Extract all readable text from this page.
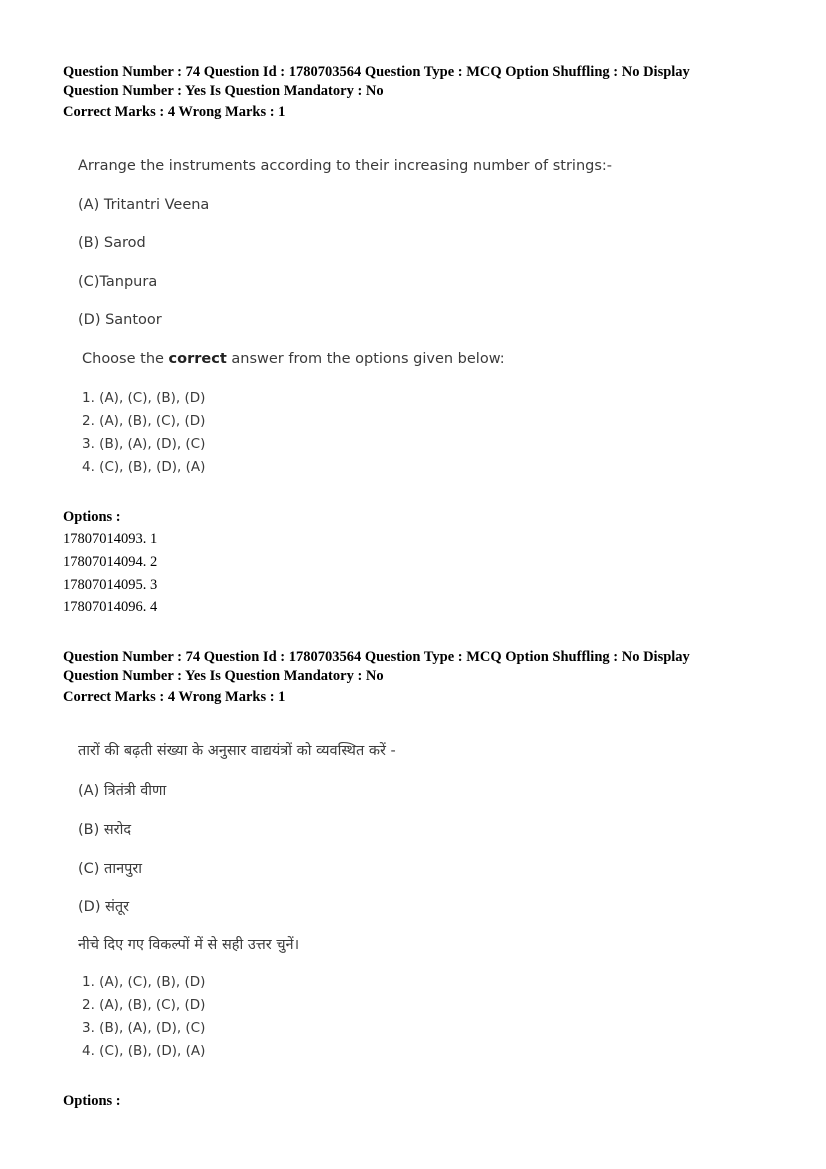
Question Number : 74 Question Id : 1780703564 Question Type : MCQ Option Shuffling : No Display

Question Number : Yes Is Question Mandatory : No

Correct Marks : 4 Wrong Marks : 1

Arrange the instruments according to their increasing number of strings:-
(A) Tritantri Veena
(B) Sarod
(C)Tanpura
(D) Santoor
Choose the correct answer from the options given below:
1. (A), (C), (B), (D)
2. (A), (B), (C), (D)
3. (B), (A), (D), (C)
4. (C), (B), (D), (A)
Options :
17807014093. 1
17807014094. 2
17807014095. 3
17807014096. 4

Question Number : 74 Question Id : 1780703564 Question Type : MCQ Option Shuffling : No Display

Question Number : Yes Is Question Mandatory : No

Correct Marks : 4 Wrong Marks : 1

तारों की बढ़ती संख्या के अनुसार वाद्ययंत्रों को व्यवस्थित करें -
(A) त्रितंत्री वीणा
(B) सरोद
(C) तानपुरा
(D) संतूर
नीचे दिए गए विकल्पों में से सही उत्तर चुनें।
1. (A), (C), (B), (D)
2. (A), (B), (C), (D)
3. (B), (A), (D), (C)
4. (C), (B), (D), (A)
Options :
